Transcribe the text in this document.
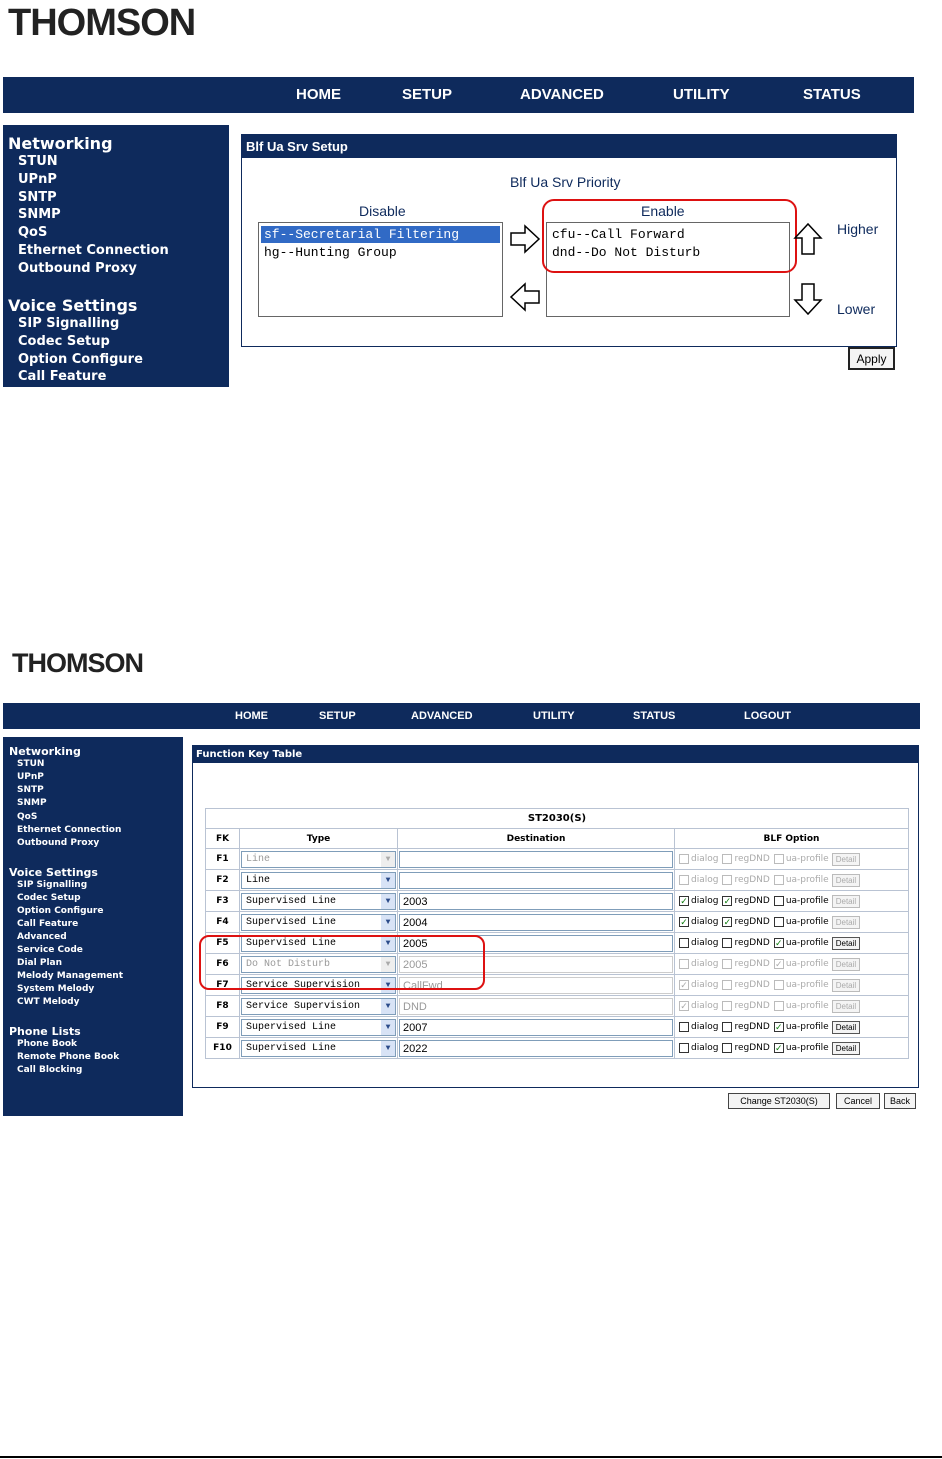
THOMSON
HOME	SETUP	ADVANCED	UTILITY	STATUS
Networking
STUN
UPnP
SNTP
SNMP
QoS
Ethernet Connection
Outbound Proxy
Voice Settings
SIP Signalling
Codec Setup
Option Configure
Call Feature
Blf Ua Srv Setup
Blf Ua Srv Priority
Disable	Enable
sf--Secretarial Filtering
hg--Hunting Group
cfu--Call Forward
dnd--Do Not Disturb
Higher
Lower
Apply
THOMSON
HOME	SETUP	ADVANCED	UTILITY	STATUS	LOGOUT
Networking
STUN
UPnP
SNTP
SNMP
QoS
Ethernet Connection
Outbound Proxy
Voice Settings
SIP Signalling
Codec Setup
Option Configure
Call Feature
Advanced
Service Code
Dial Plan
Melody Management
System Melody
CWT Melody
Phone Lists
Phone Book
Remote Phone Book
Call Blocking
Function Key Table
ST2030(S)			
FK	Type	Destination	BLF Option
F1	Line ▼		dialog regDND ua-profile Detail
F2	Line ▼		dialog regDND ua-profile Detail
F3	Supervised Line ▼	2003	✓ dialog ✓ regDND ua-profile Detail
F4	Supervised Line ▼	2004	✓ dialog ✓ regDND ua-profile Detail
F5	Supervised Line ▼	2005	dialog regDND ✓ ua-profile Detail
F6	Do Not Disturb ▼	2005	dialog regDND ✓ ua-profile Detail
F7	Service Supervision ▼	CallFwd	✓ dialog regDND ua-profile Detail
F8	Service Supervision ▼	DND	✓ dialog regDND ua-profile Detail
F9	Supervised Line ▼	2007	dialog regDND ✓ ua-profile Detail
F10	Supervised Line ▼	2022	dialog regDND ✓ ua-profile Detail
Change ST2030(S)	Cancel	Back
